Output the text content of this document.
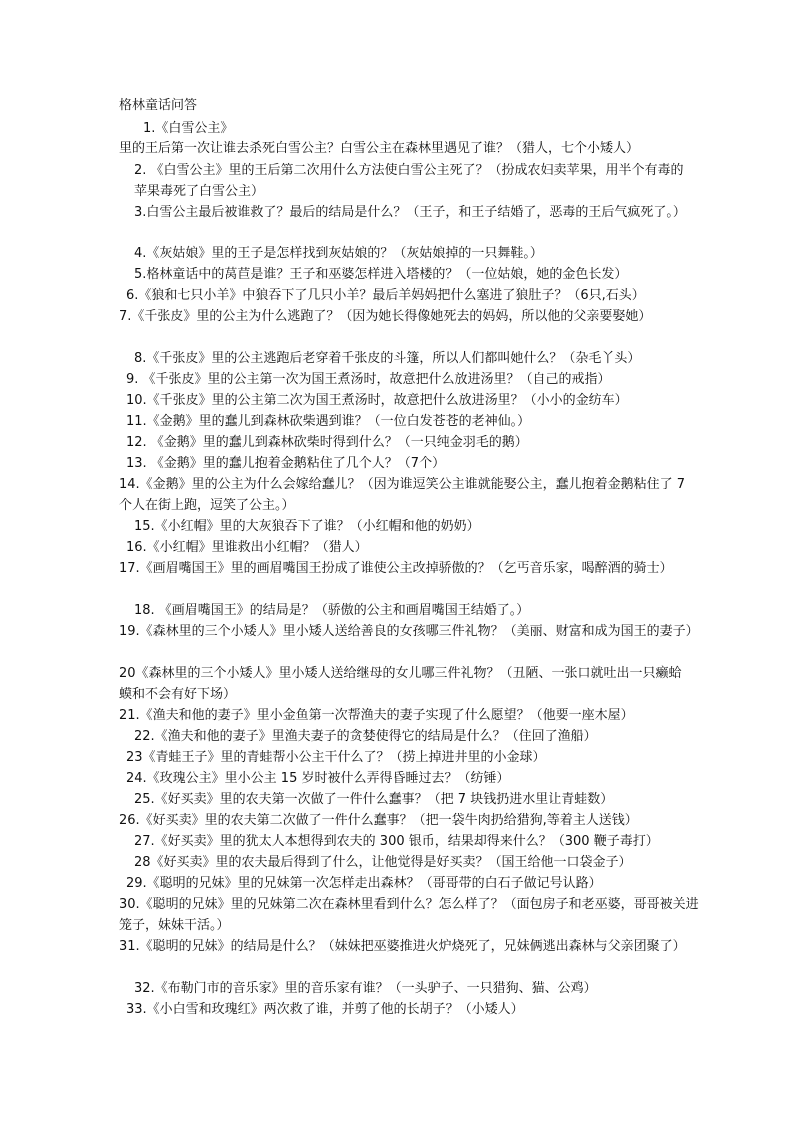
格林童话问答
1.《白雪公主》
里的王后第一次让谁去杀死白雪公主？白雪公主在森林里遇见了谁？（猎人，七个小矮人）
2. 《白雪公主》里的王后第二次用什么方法使白雪公主死了？（扮成农妇卖苹果，用半个有毒的苹果毒死了白雪公主）
3.白雪公主最后被谁救了？最后的结局是什么？（王子，和王子结婚了，恶毒的王后气疯死了。）
4.《灰姑娘》里的王子是怎样找到灰姑娘的？（灰姑娘掉的一只舞鞋。）
5.格林童话中的莴苣是谁？王子和巫婆怎样进入塔楼的？（一位姑娘，她的金色长发）
6.《狼和七只小羊》中狼吞下了几只小羊？最后羊妈妈把什么塞进了狼肚子？（6只,石头）
7.《千张皮》里的公主为什么逃跑了？（因为她长得像她死去的妈妈，所以他的父亲要娶她）
8.《千张皮》里的公主逃跑后老穿着千张皮的斗篷，所以人们都叫她什么？（杂毛丫头）
9. 《千张皮》里的公主第一次为国王煮汤时，故意把什么放进汤里？（自己的戒指）
10.《千张皮》里的公主第二次为国王煮汤时，故意把什么放进汤里？（小小的金纺车）
11.《金鹅》里的蠢儿到森林砍柴遇到谁？（一位白发苍苍的老神仙。）
12. 《金鹅》里的蠢儿到森林砍柴时得到什么？（一只纯金羽毛的鹅）
13. 《金鹅》里的蠢儿抱着金鹅粘住了几个人？（7个）
14.《金鹅》里的公主为什么会嫁给蠢儿？（因为谁逗笑公主谁就能娶公主，蠢儿抱着金鹅粘住了 7 个人在街上跑，逗笑了公主。）
15.《小红帽》里的大灰狼吞下了谁？（小红帽和他的奶奶）
16.《小红帽》里谁救出小红帽？（猎人）
17.《画眉嘴国王》里的画眉嘴国王扮成了谁使公主改掉骄傲的？（乞丐音乐家，喝醉酒的骑士）
18. 《画眉嘴国王》的结局是？（骄傲的公主和画眉嘴国王结婚了。）
19.《森林里的三个小矮人》里小矮人送给善良的女孩哪三件礼物？（美丽、财富和成为国王的妻子）
20《森林里的三个小矮人》里小矮人送给继母的女儿哪三件礼物？（丑陋、一张口就吐出一只癞蛤蟆和不会有好下场）
21.《渔夫和他的妻子》里小金鱼第一次帮渔夫的妻子实现了什么愿望？（他要一座木屋）
22.《渔夫和他的妻子》里渔夫妻子的贪婪使得它的结局是什么？（住回了渔船）
23《青蛙王子》里的青蛙帮小公主干什么了？（捞上掉进井里的小金球）
24.《玫瑰公主》里小公主 15 岁时被什么弄得昏睡过去？（纺锤）
25.《好买卖》里的农夫第一次做了一件什么蠢事？（把 7 块钱扔进水里让青蛙数）
26.《好买卖》里的农夫第二次做了一件什么蠢事？（把一袋牛肉扔给猎狗,等着主人送钱）
27.《好买卖》里的犹太人本想得到农夫的 300 银币，结果却得来什么？（300 鞭子毒打）
28《好买卖》里的农夫最后得到了什么，让他觉得是好买卖？（国王给他一口袋金子）
29.《聪明的兄妹》里的兄妹第一次怎样走出森林？（哥哥带的白石子做记号认路）
30.《聪明的兄妹》里的兄妹第二次在森林里看到什么？怎么样了？（面包房子和老巫婆，哥哥被关进笼子，妹妹干活。）
31.《聪明的兄妹》的结局是什么？（妹妹把巫婆推进火炉烧死了，兄妹俩逃出森林与父亲团聚了）
32.《布勒门市的音乐家》里的音乐家有谁？（一头驴子、一只猎狗、猫、公鸡）
33.《小白雪和玫瑰红》两次救了谁，并剪了他的长胡子？（小矮人）
